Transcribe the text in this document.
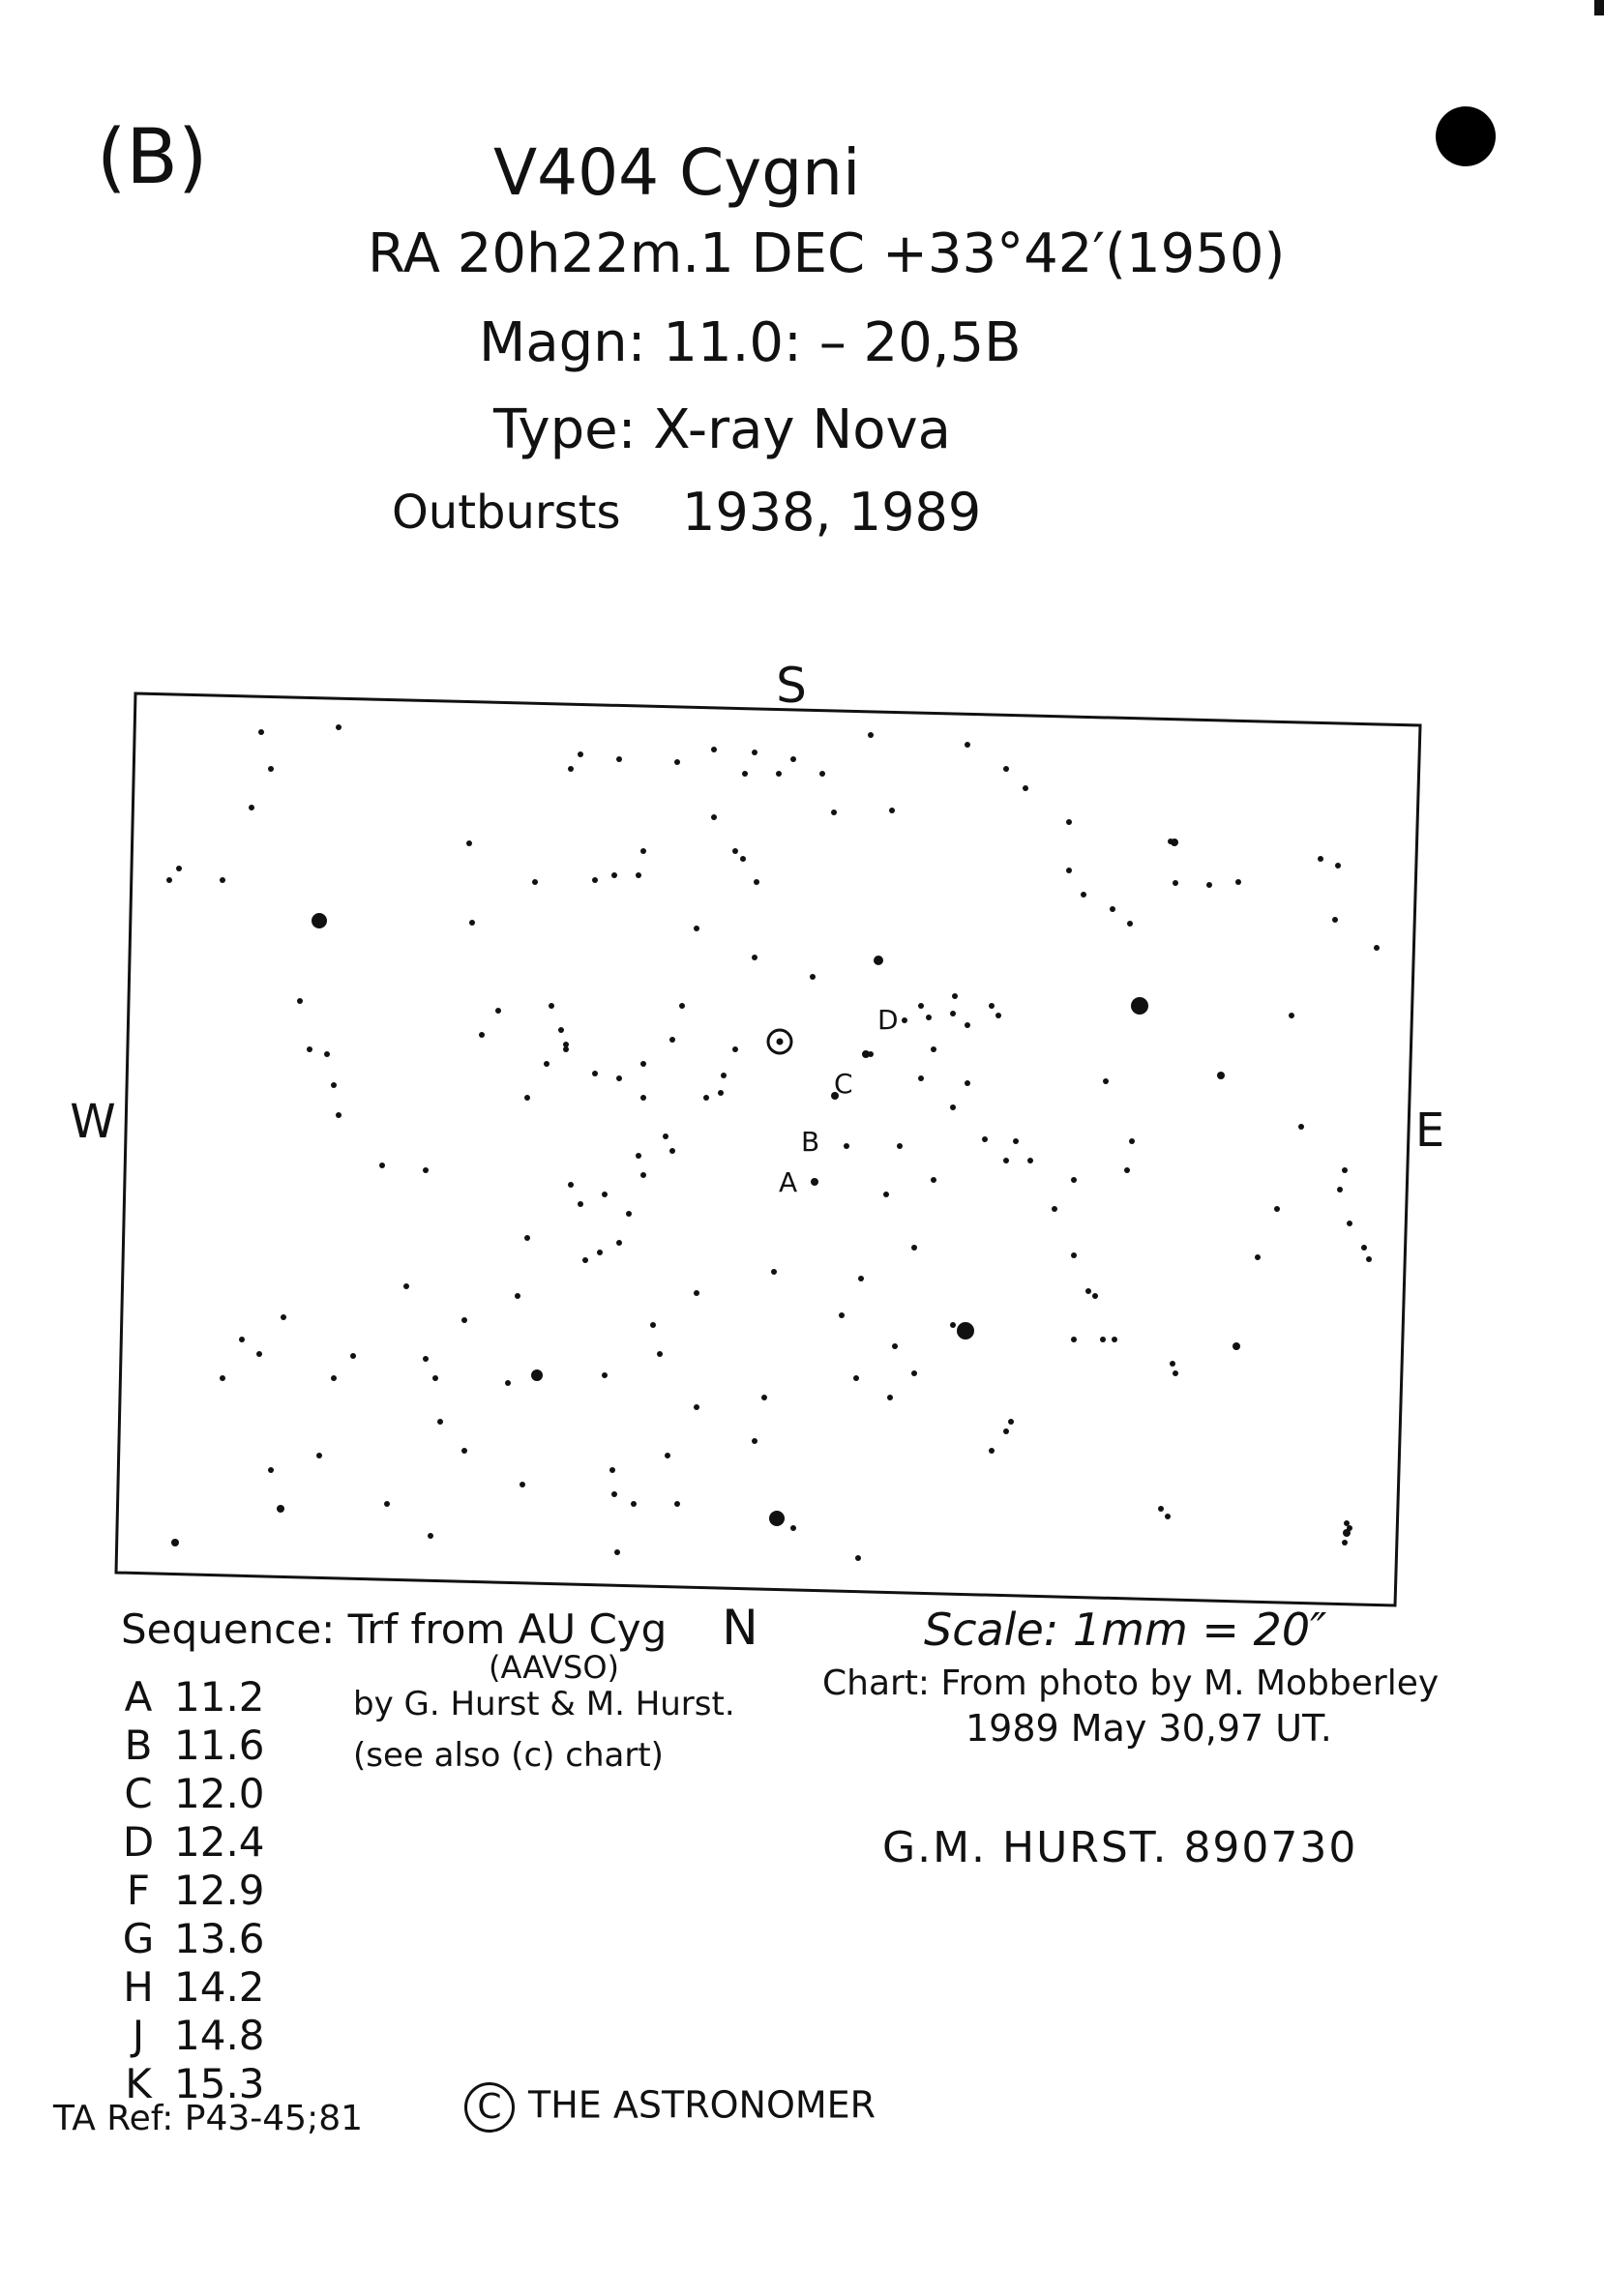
(B)	V404 Cygni
RA 20h22m.1 DEC +33°42′(1950)
Magn: 11.0: – 20,5B
Type: X-ray Nova
Outbursts 1938, 1989
S
N
W	E
D
C
B
A
Sequence: Trf from AU Cyg
(AAVSO)
by G. Hurst & M. Hurst.
(see also (c) chart)
A 11.2
B 11.6
C 12.0
D 12.4
F 12.9
G 13.6
H 14.2
J 14.8
K 15.3
Scale: 1mm = 20″
Chart: From photo by M. Mobberley
1989 May 30,97 UT.
G.M. HURST. 890730
TA Ref: P43-45;81	C THE ASTRONOMER
